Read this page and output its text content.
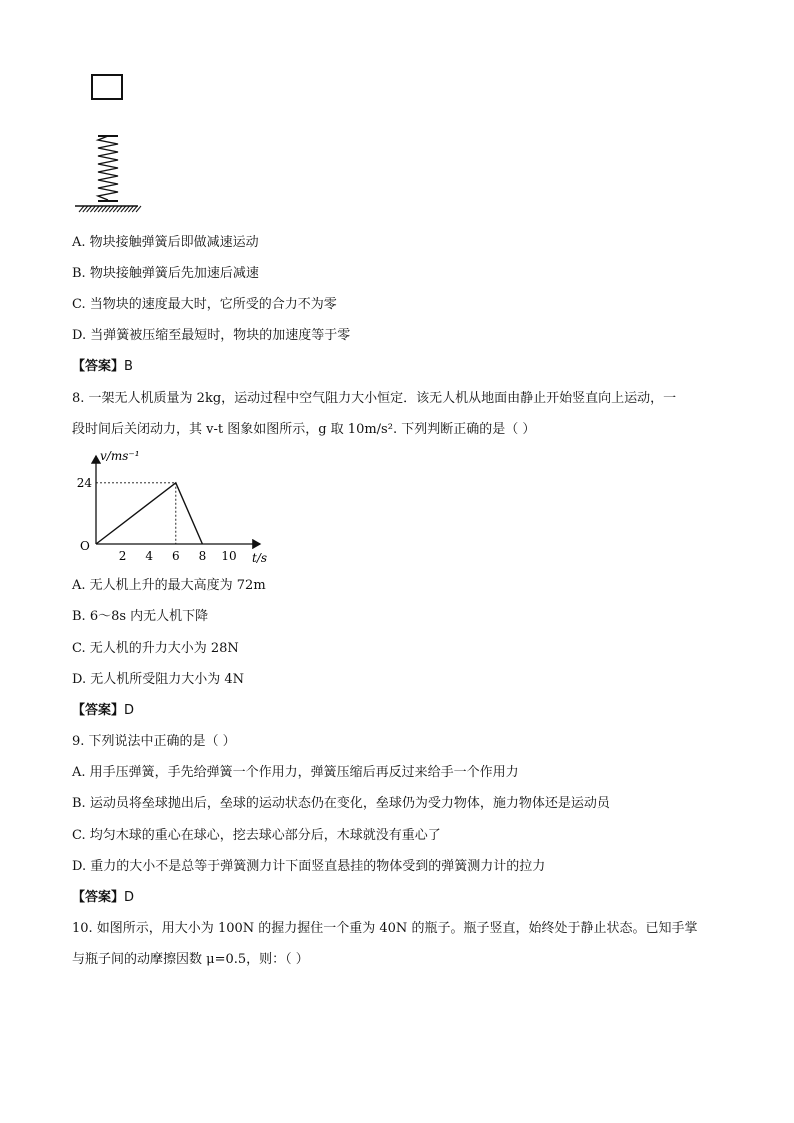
A. 物块接触弹簧后即做减速运动
B. 物块接触弹簧后先加速后减速
C. 当物块的速度最大时，它所受的合力不为零
D. 当弹簧被压缩至最短时，物块的加速度等于零
【答案】B
8. 一架无人机质量为 2kg，运动过程中空气阻力大小恒定．该无人机从地面由静止开始竖直向上运动，一
段时间后关闭动力，其 v-t 图象如图所示，g 取 10m/s². 下列判断正确的是（ ）
v/ms⁻¹
t/s
O
2 4 6 8 10
24
A. 无人机上升的最大高度为 72m
B. 6～8s 内无人机下降
C. 无人机的升力大小为 28N
D. 无人机所受阻力大小为 4N
【答案】D
9. 下列说法中正确的是（ ）
A. 用手压弹簧，手先给弹簧一个作用力，弹簧压缩后再反过来给手一个作用力
B. 运动员将垒球抛出后，垒球的运动状态仍在变化，垒球仍为受力物体，施力物体还是运动员
C. 均匀木球的重心在球心，挖去球心部分后，木球就没有重心了
D. 重力的大小不是总等于弹簧测力计下面竖直悬挂的物体受到的弹簧测力计的拉力
【答案】D
10. 如图所示，用大小为 100N 的握力握住一个重为 40N 的瓶子。瓶子竖直，始终处于静止状态。已知手掌
与瓶子间的动摩擦因数 μ=0.5，则：（ ）
